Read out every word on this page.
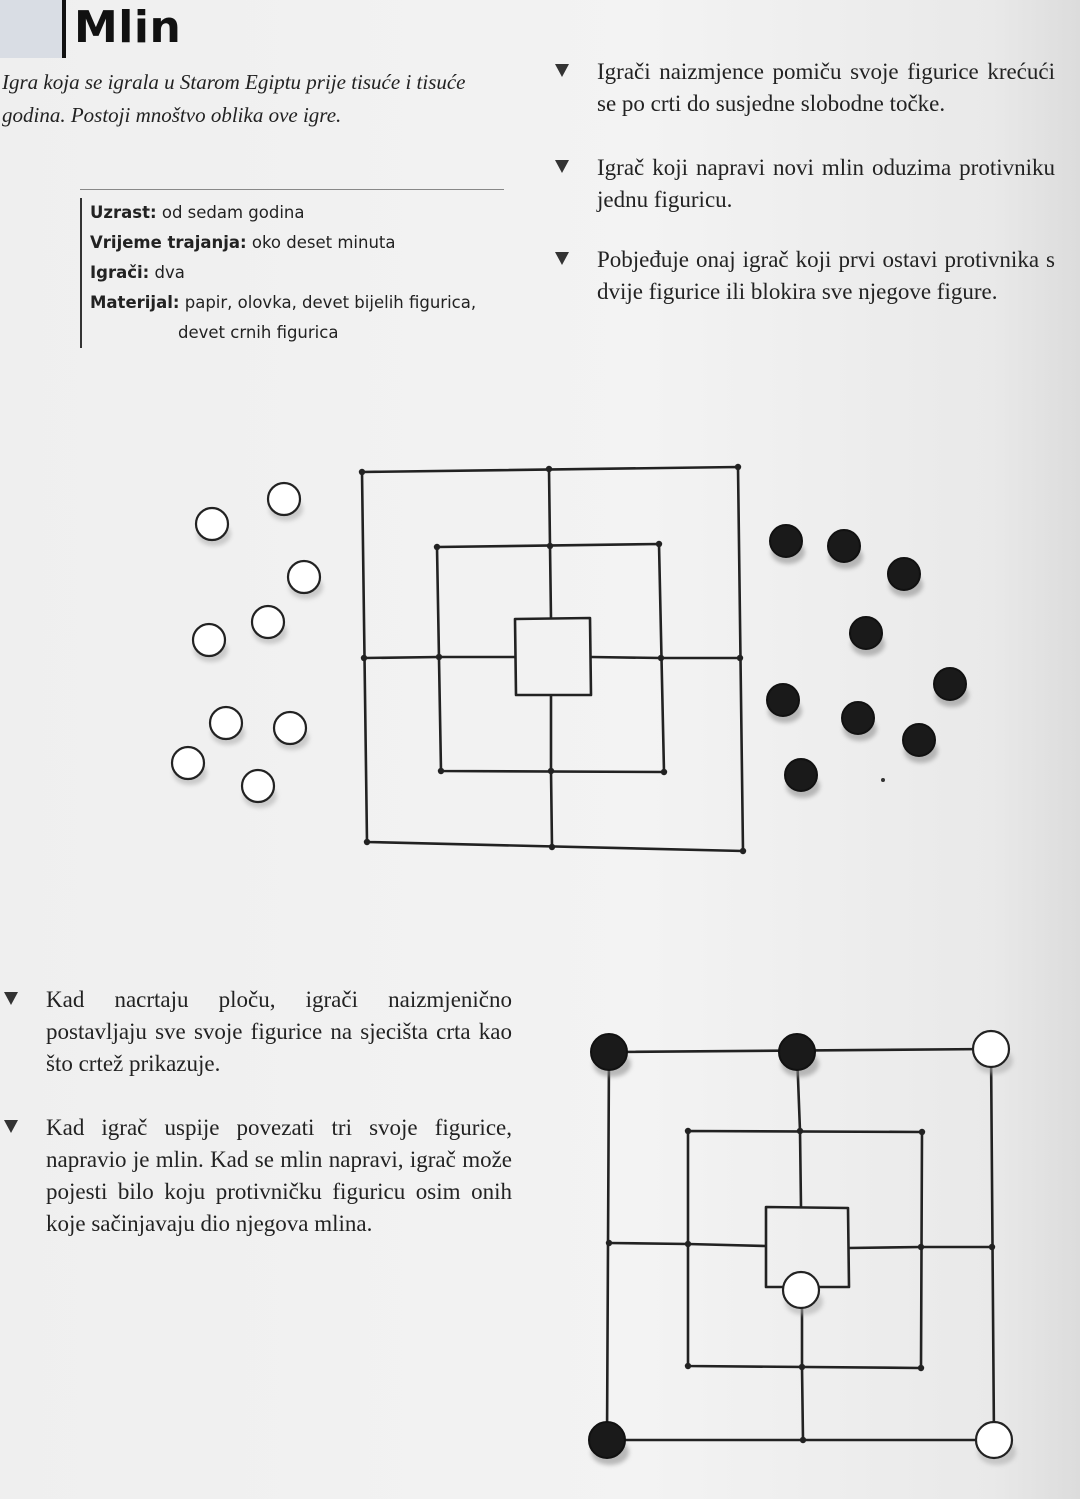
Mlin

Igra koja se igrala u Starom Egiptu prije tisuće i tisuće godina. Postoji mnoštvo oblika ove igre.

Uzrast: od sedam godina
Vrijeme trajanja: oko deset minuta
Igrači: dva
Materijal: papir, olovka, devet bijelih figurica,
devet crnih figurica
Igrači naizmjence pomiču svoje figurice krećući se po crti do susjedne slobodne točke.
Igrač koji napravi novi mlin oduzima protivniku jednu figuricu.
Pobjeđuje onaj igrač koji prvi ostavi protivnika s dvije figurice ili blokira sve njegove figure.
Kad nacrtaju ploču, igrači naizmjenično postavljaju sve svoje figurice na sjecišta crta kao što crtež prikazuje.
Kad igrač uspije povezati tri svoje figurice, napravio je mlin. Kad se mlin napravi, igrač može pojesti bilo koju protivničku figuricu osim onih koje sačinjavaju dio njegova mlina.
